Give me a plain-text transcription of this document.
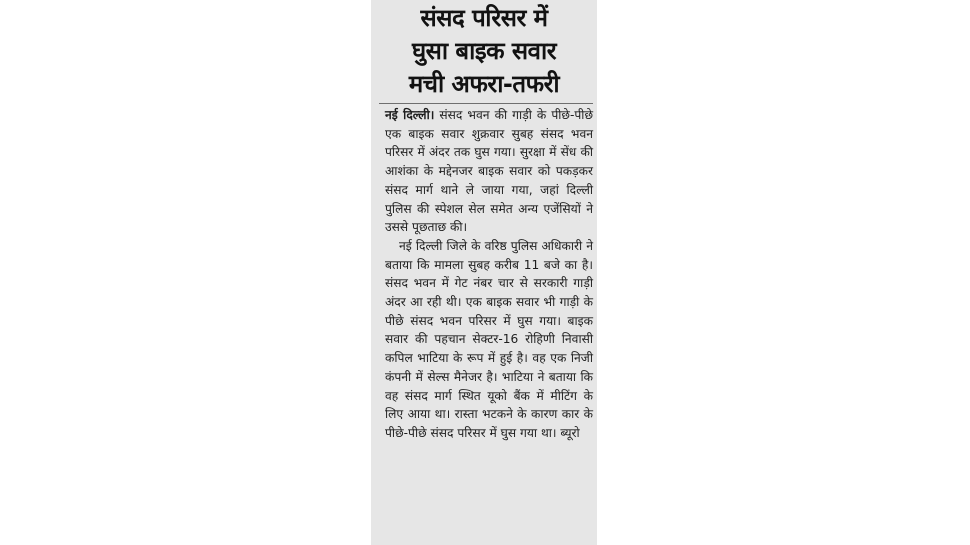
संसद परिसर में
घुसा बाइक सवार
मची अफरा-तफरी

नई दिल्ली। संसद भवन की गाड़ी के पीछे-पीछे एक बाइक सवार शुक्रवार सुबह संसद भवन परिसर में अंदर तक घुस गया। सुरक्षा में सेंध की आशंका के मद्देनजर बाइक सवार को पकड़कर संसद मार्ग थाने ले जाया गया, जहां दिल्ली पुलिस की स्पेशल सेल समेत अन्य एजेंसियों ने उससे पूछताछ की।

नई दिल्ली जिले के वरिष्ठ पुलिस अधिकारी ने बताया कि मामला सुबह करीब 11 बजे का है। संसद भवन में गेट नंबर चार से सरकारी गाड़ी अंदर आ रही थी। एक बाइक सवार भी गाड़ी के पीछे संसद भवन परिसर में घुस गया। बाइक सवार की पहचान सेक्टर-16 रोहिणी निवासी कपिल भाटिया के रूप में हुई है। वह एक निजी कंपनी में सेल्स मैनेजर है। भाटिया ने बताया कि वह संसद मार्ग स्थित यूको बैंक में मीटिंग के लिए आया था। रास्ता भटकने के कारण कार के पीछे-पीछे संसद परिसर में घुस गया था। ब्यूरो
